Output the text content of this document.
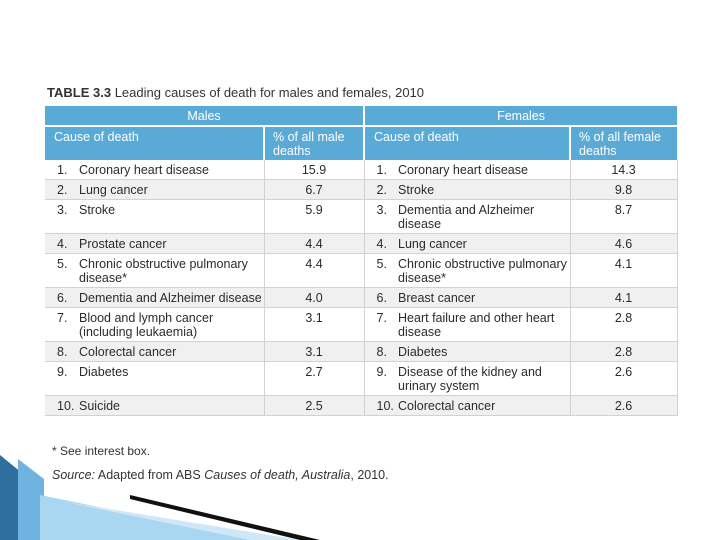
TABLE 3.3 Leading causes of death for males and females, 2010
Males			Females		
Cause of death		% of all male deaths	Cause of death		% of all female deaths
1.	Coronary heart disease	15.9	1.	Coronary heart disease	14.3
2.	Lung cancer	6.7	2.	Stroke	9.8
3.	Stroke	5.9	3.	Dementia and Alzheimer disease	8.7
4.	Prostate cancer	4.4	4.	Lung cancer	4.6
5.	Chronic obstructive pulmonary disease*	4.4	5.	Chronic obstructive pulmonary disease*	4.1
6.	Dementia and Alzheimer disease	4.0	6.	Breast cancer	4.1
7.	Blood and lymph cancer (including leukaemia)	3.1	7.	Heart failure and other heart disease	2.8
8.	Colorectal cancer	3.1	8.	Diabetes	2.8
9.	Diabetes	2.7	9.	Disease of the kidney and urinary system	2.6
10.	Suicide	2.5	10.	Colorectal cancer	2.6
* See interest box.
Source: Adapted from ABS Causes of death, Australia, 2010.
